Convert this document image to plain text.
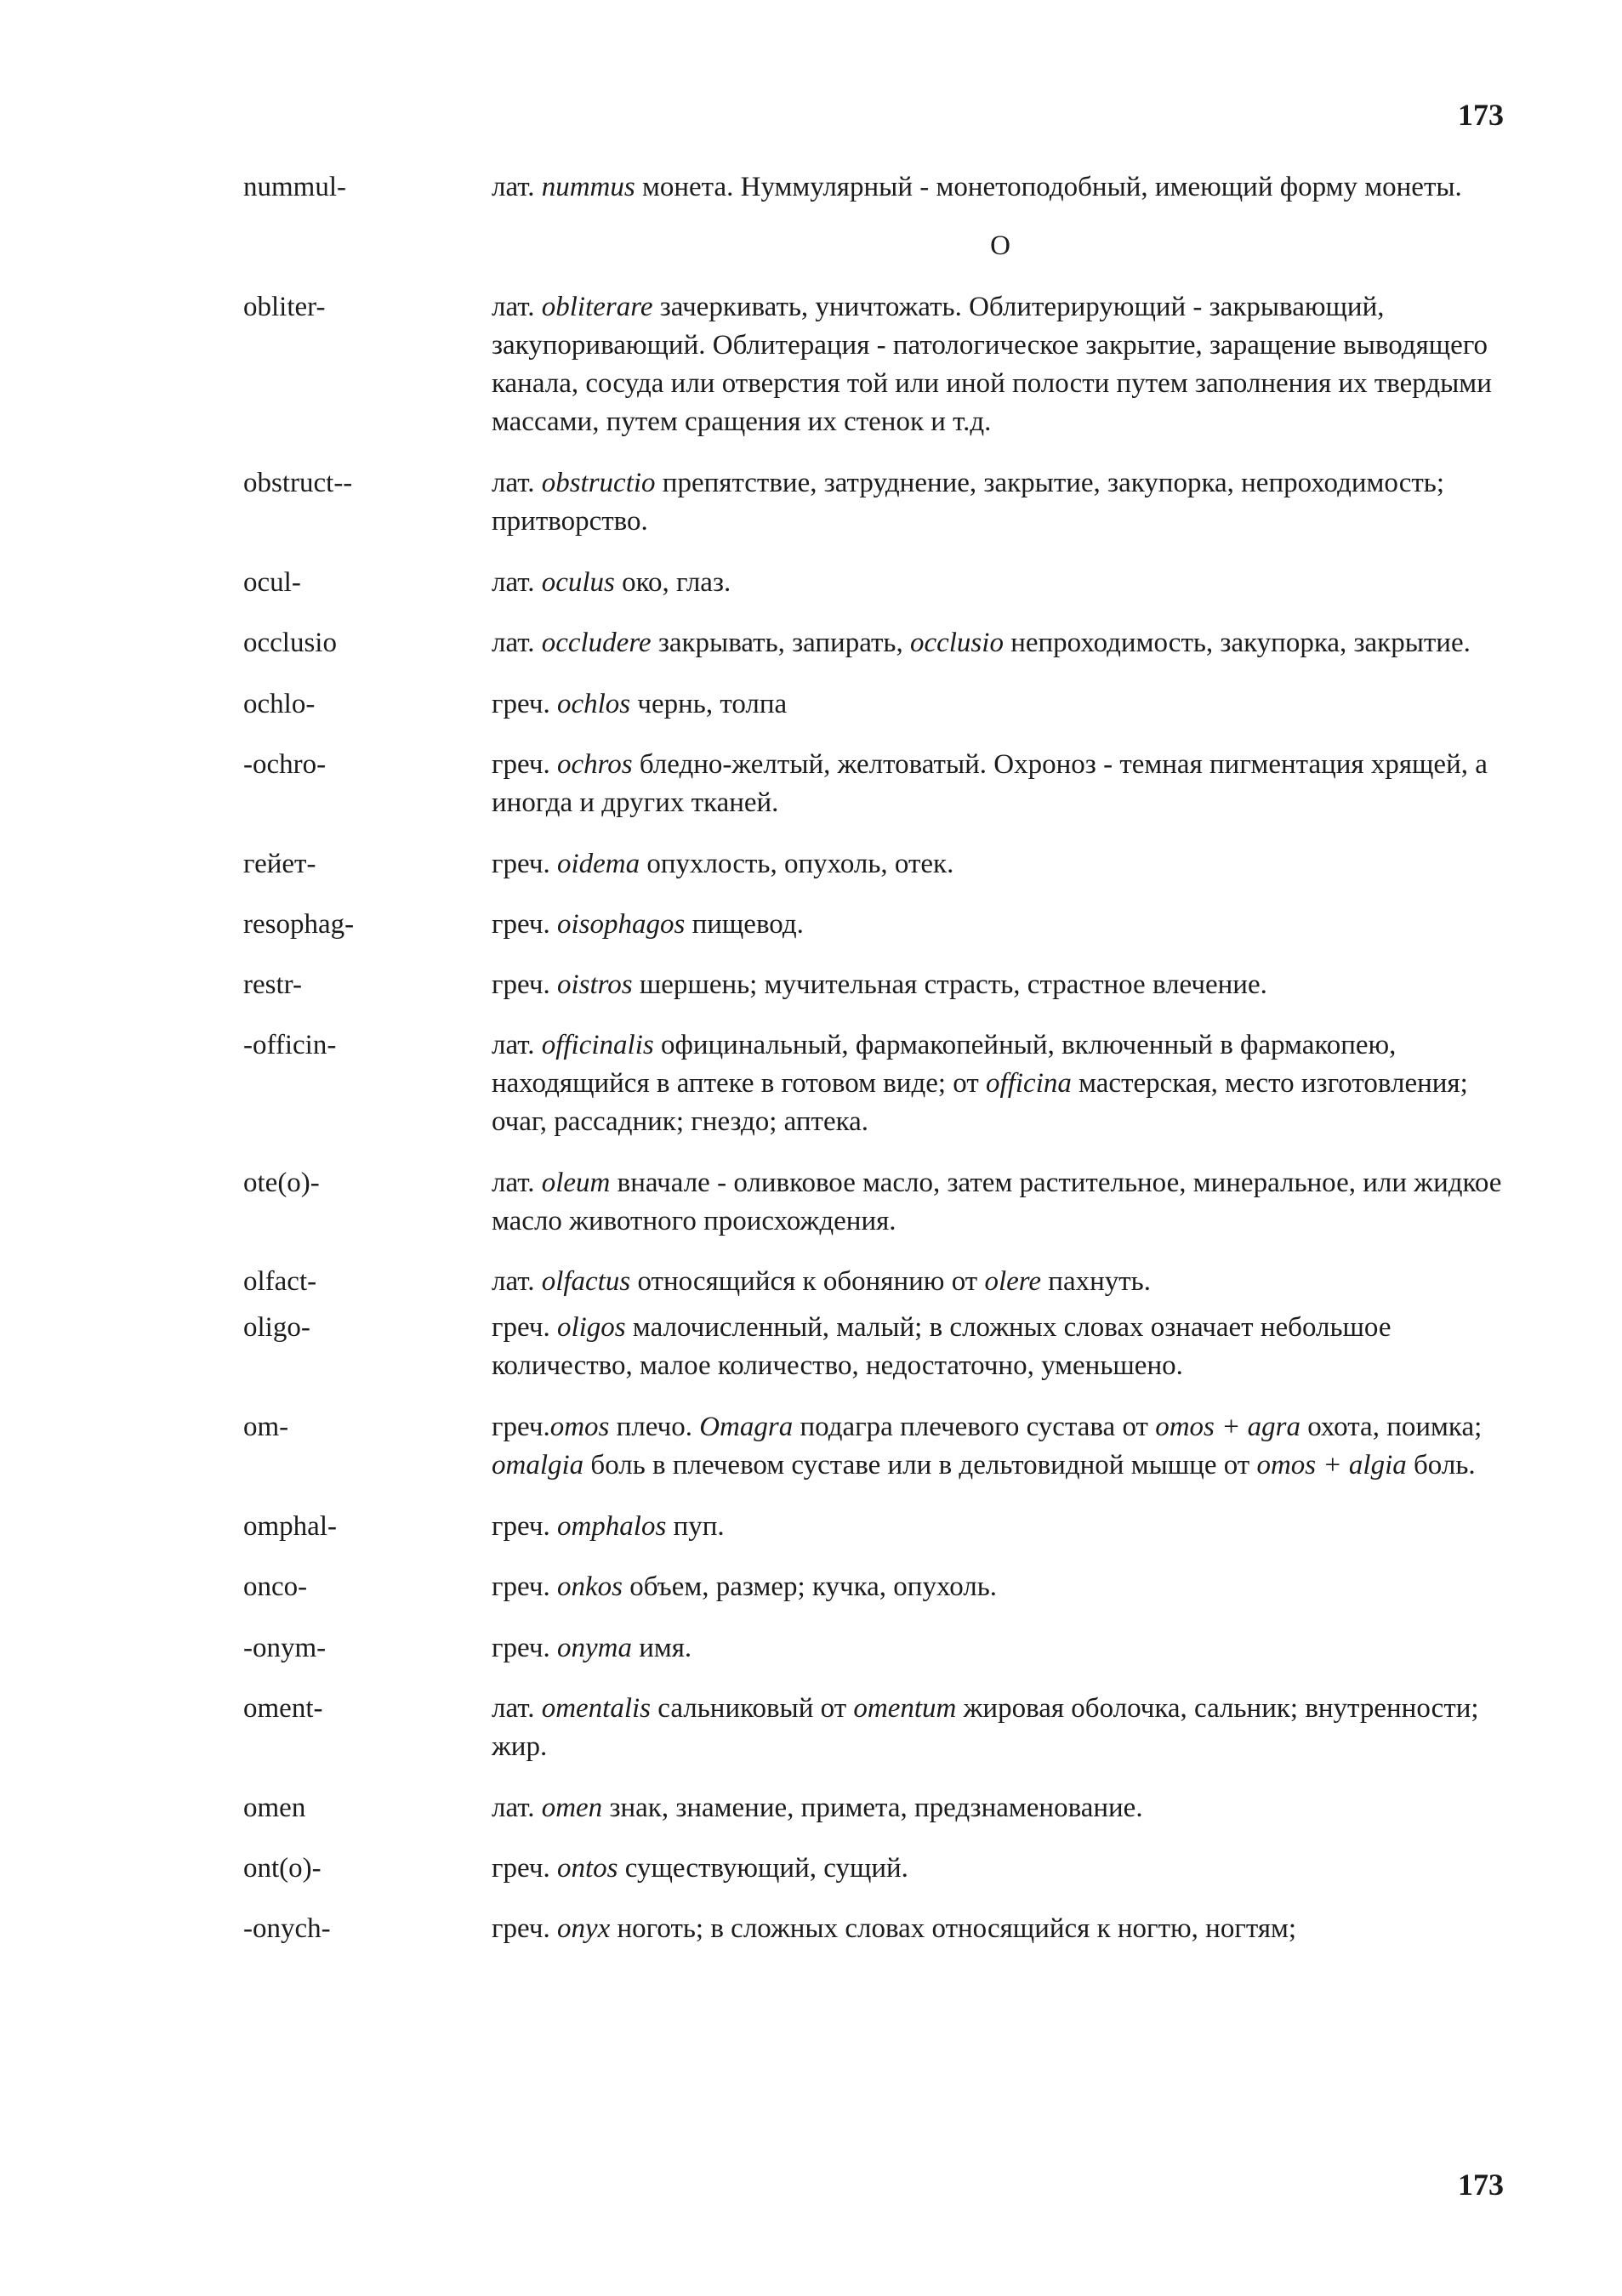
173
nummul-	лат. nummus монета. Нуммулярный - монетоподобный, имеющий форму монеты.
О
obliter-	лат. obliterare зачеркивать, уничтожать. Облитерирующий - закрывающий, закупоривающий. Облитерация - патологическое закрытие, заращение выводящего канала, сосуда или отверстия той или иной полости путем заполнения их твердыми массами, путем сращения их стенок и т.д.
obstruct--	лат. obstructio препятствие, затруднение, закрытие, закупорка, непроходимость; притворство.
ocul-	лат. oculus око, глаз.
occlusio	лат. occludere закрывать, запирать, occlusio непроходимость, закупорка, закрытие.
ochlo-	греч. ochlos чернь, толпа
-ochro-	греч. ochros бледно-желтый, желтоватый. Охроноз - темная пигментация хрящей, а иногда и других тканей.
гейет-	греч. oidema опухлость, опухоль, отек.
resophag-	греч. oisophagos пищевод.
restr-	греч. oistros шершень; мучительная страсть, страстное влечение.
-officin-	лат. officinalis официнальный, фармакопейный, включенный в фармакопею, находящийся в аптеке в готовом виде; от officina мастерская, место изготовления; очаг, рассадник; гнездо; аптека.
ote(o)-	лат. oleum вначале - оливковое масло, затем растительное, минеральное, или жидкое масло животного происхождения.
olfact-	лат. olfactus относящийся к обонянию от olere пахнуть.
oligo-	греч. oligos малочисленный, малый; в сложных словах означает небольшое количество, малое количество, недостаточно, уменьшено.
om-	греч.omos плечо. Omagra подагра плечевого сустава от omos + agra охота, поимка; omalgia боль в плечевом суставе или в дельтовидной мышце от omos + algia боль.
omphal-	греч. omphalos пуп.
onco-	греч. onkos объем, размер; кучка, опухоль.
-onym-	греч. onyma имя.
oment-	лат. omentalis сальниковый от omentum жировая оболочка, сальник; внутренности; жир.
omen	лат. omen знак, знамение, примета, предзнаменование.
ont(o)-	греч. ontos существующий, сущий.
-onych-	греч. onyx ноготь; в сложных словах относящийся к ногтю, ногтям;
173
